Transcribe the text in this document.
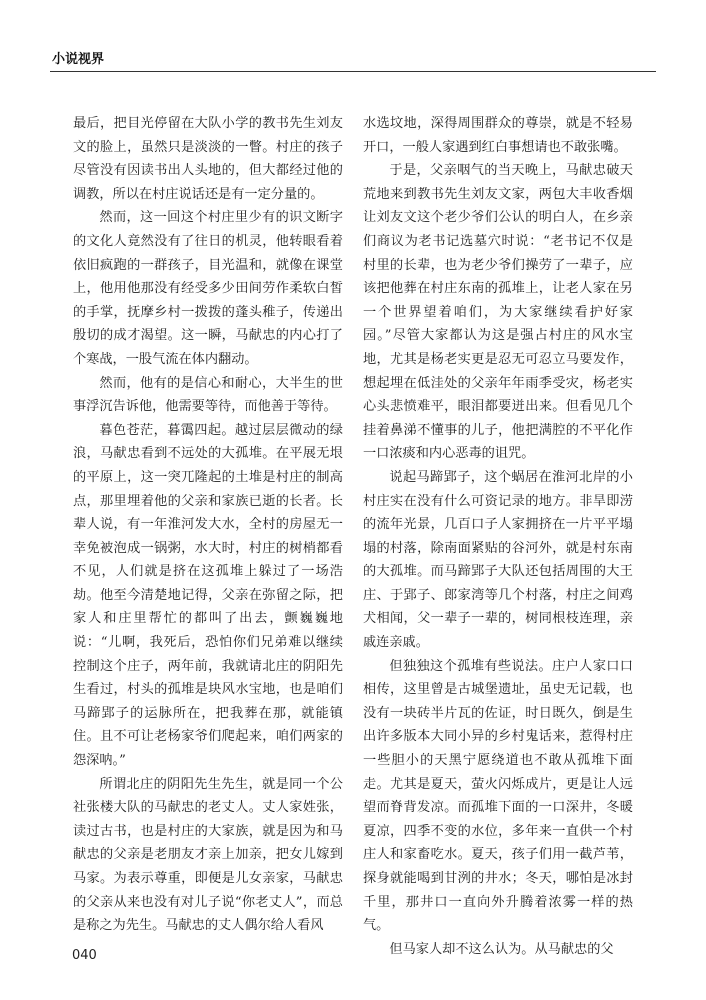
小说视界

最后，把目光停留在大队小学的教书先生刘友文的脸上，虽然只是淡淡的一瞥。村庄的孩子尽管没有因读书出人头地的，但大都经过他的调教，所以在村庄说话还是有一定分量的。

然而，这一回这个村庄里少有的识文断字的文化人竟然没有了往日的机灵，他转眼看着依旧疯跑的一群孩子，目光温和，就像在课堂上，他用他那没有经受多少田间劳作柔软白皙的手掌，抚摩乡村一拨拨的蓬头稚子，传递出殷切的成才渴望。这一瞬，马献忠的内心打了个寒战，一股气流在体内翻动。

然而，他有的是信心和耐心，大半生的世事浮沉告诉他，他需要等待，而他善于等待。

暮色苍茫，暮霭四起。越过层层微动的绿浪，马献忠看到不远处的大孤堆。在平展无垠的平原上，这一突兀隆起的土堆是村庄的制高点，那里埋着他的父亲和家族已逝的长者。长辈人说，有一年淮河发大水，全村的房屋无一幸免被泡成一锅粥，水大时，村庄的树梢都看不见，人们就是挤在这孤堆上躲过了一场浩劫。他至今清楚地记得，父亲在弥留之际，把家人和庄里帮忙的都叫了出去，颤巍巍地说：“儿啊，我死后，恐怕你们兄弟难以继续控制这个庄子，两年前，我就请北庄的阴阳先生看过，村头的孤堆是块风水宝地，也是咱们马蹄郢子的运脉所在，把我葬在那，就能镇住。且不可让老杨家爷们爬起来，咱们两家的怨深呐。”

所谓北庄的阴阳先生先生，就是同一个公社张楼大队的马献忠的老丈人。丈人家姓张，读过古书，也是村庄的大家族，就是因为和马献忠的父亲是老朋友才亲上加亲，把女儿嫁到马家。为表示尊重，即便是儿女亲家，马献忠的父亲从来也没有对儿子说“你老丈人”，而总是称之为先生。马献忠的丈人偶尔给人看风

水选坟地，深得周围群众的尊崇，就是不轻易开口，一般人家遇到红白事想请也不敢张嘴。

于是，父亲咽气的当天晚上，马献忠破天荒地来到教书先生刘友文家，两包大丰收香烟让刘友文这个老少爷们公认的明白人，在乡亲们商议为老书记选墓穴时说：“老书记不仅是村里的长辈，也为老少爷们操劳了一辈子，应该把他葬在村庄东南的孤堆上，让老人家在另一个世界望着咱们，为大家继续看护好家园。”尽管大家都认为这是强占村庄的风水宝地，尤其是杨老实更是忍无可忍立马要发作，想起埋在低洼处的父亲年年雨季受灾，杨老实心头悲愤难平，眼泪都要迸出来。但看见几个挂着鼻涕不懂事的儿子，他把满腔的不平化作一口浓痰和内心恶毒的诅咒。

说起马蹄郢子，这个蜗居在淮河北岸的小村庄实在没有什么可资记录的地方。非旱即涝的流年光景，几百口子人家拥挤在一片平平塌塌的村落，除南面紧贴的谷河外，就是村东南的大孤堆。而马蹄郢子大队还包括周围的大王庄、于郢子、郎家湾等几个村落，村庄之间鸡犬相闻，父一辈子一辈的，树同根枝连理，亲戚连亲戚。

但独独这个孤堆有些说法。庄户人家口口相传，这里曾是古城堡遗址，虽史无记载，也没有一块砖半片瓦的佐证，时日既久，倒是生出许多版本大同小异的乡村鬼话来，惹得村庄一些胆小的天黑宁愿绕道也不敢从孤堆下面走。尤其是夏天，萤火闪烁成片，更是让人远望而脊背发凉。而孤堆下面的一口深井，冬暖夏凉，四季不变的水位，多年来一直供一个村庄人和家畜吃水。夏天，孩子们用一截芦苇，探身就能喝到甘洌的井水；冬天，哪怕是冰封千里，那井口一直向外升腾着浓雾一样的热气。

但马家人却不这么认为。从马献忠的父

040
